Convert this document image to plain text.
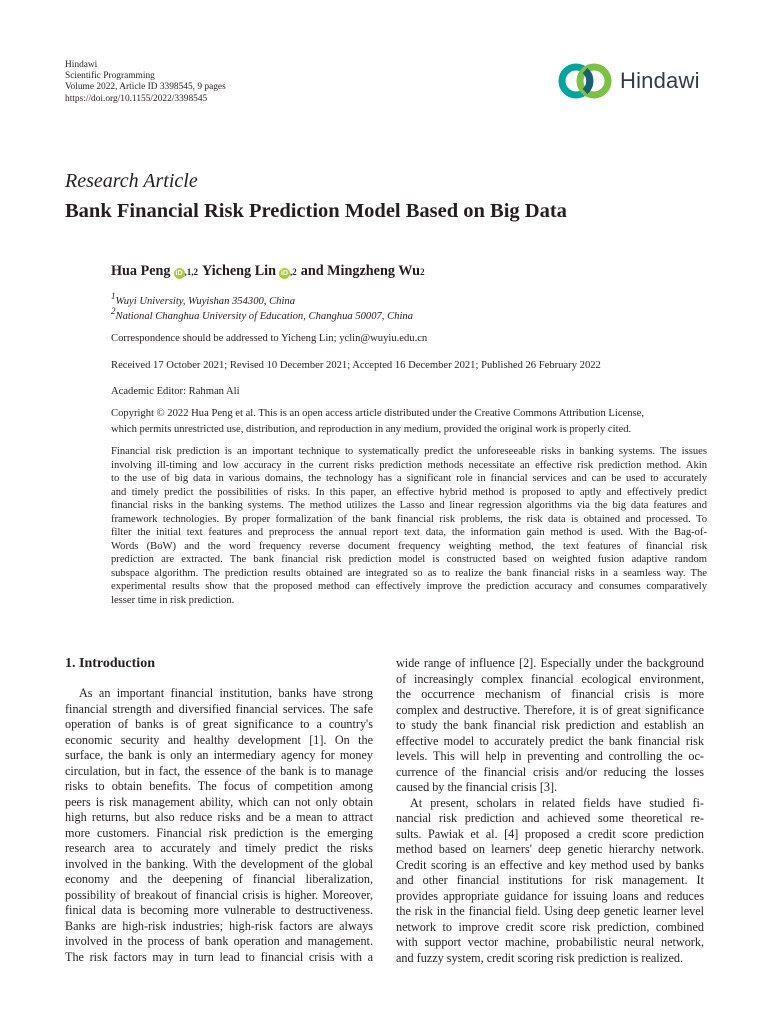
Hindawi
Scientific Programming
Volume 2022, Article ID 3398545, 9 pages
https://doi.org/10.1155/2022/3398545
Hindawi
Research Article
Bank Financial Risk Prediction Model Based on Big Data
Hua Peng iD ,1,2 Yicheng Lin iD ,2 and Mingzheng Wu 2
$^1$Wuyi University, Wuyishan 354300, China
$^2$National Changhua University of Education, Changhua 50007, China
Correspondence should be addressed to Yicheng Lin; yclin@wuyiu.edu.cn
Received 17 October 2021; Revised 10 December 2021; Accepted 16 December 2021; Published 26 February 2022
Academic Editor: Rahman Ali
Copyright © 2022 Hua Peng et al. This is an open access article distributed under the Creative Commons Attribution License,
which permits unrestricted use, distribution, and reproduction in any medium, provided the original work is properly cited.
Financial risk prediction is an important technique to systematically predict the unforeseeable risks in banking systems. The issues
involving ill-timing and low accuracy in the current risks prediction methods necessitate an effective risk prediction method. Akin
to the use of big data in various domains, the technology has a significant role in financial services and can be used to accurately
and timely predict the possibilities of risks. In this paper, an effective hybrid method is proposed to aptly and effectively predict
financial risks in the banking systems. The method utilizes the Lasso and linear regression algorithms via the big data features and
framework technologies. By proper formalization of the bank financial risk problems, the risk data is obtained and processed. To
filter the initial text features and preprocess the annual report text data, the information gain method is used. With the Bag-of-
Words (BoW) and the word frequency reverse document frequency weighting method, the text features of financial risk
prediction are extracted. The bank financial risk prediction model is constructed based on weighted fusion adaptive random
subspace algorithm. The prediction results obtained are integrated so as to realize the bank financial risks in a seamless way. The
experimental results show that the proposed method can effectively improve the prediction accuracy and consumes comparatively
lesser time in risk prediction.
1. Introduction
As an important financial institution, banks have strong
financial strength and diversified financial services. The safe
operation of banks is of great significance to a country's
economic security and healthy development [1]. On the
surface, the bank is only an intermediary agency for money
circulation, but in fact, the essence of the bank is to manage
risks to obtain benefits. The focus of competition among
peers is risk management ability, which can not only obtain
high returns, but also reduce risks and be a mean to attract
more customers. Financial risk prediction is the emerging
research area to accurately and timely predict the risks
involved in the banking. With the development of the global
economy and the deepening of financial liberalization,
possibility of breakout of financial crisis is higher. Moreover,
finical data is becoming more vulnerable to destructiveness.
Banks are high-risk industries; high-risk factors are always
involved in the process of bank operation and management.
The risk factors may in turn lead to financial crisis with a
wide range of influence [2]. Especially under the background
of increasingly complex financial ecological environment,
the occurrence mechanism of financial crisis is more
complex and destructive. Therefore, it is of great significance
to study the bank financial risk prediction and establish an
effective model to accurately predict the bank financial risk
levels. This will help in preventing and controlling the oc-
currence of the financial crisis and/or reducing the losses
caused by the financial crisis [3].
At present, scholars in related fields have studied fi-
nancial risk prediction and achieved some theoretical re-
sults. Pawiak et al. [4] proposed a credit score prediction
method based on learners' deep genetic hierarchy network.
Credit scoring is an effective and key method used by banks
and other financial institutions for risk management. It
provides appropriate guidance for issuing loans and reduces
the risk in the financial field. Using deep genetic learner level
network to improve credit score risk prediction, combined
with support vector machine, probabilistic neural network,
and fuzzy system, credit scoring risk prediction is realized.
